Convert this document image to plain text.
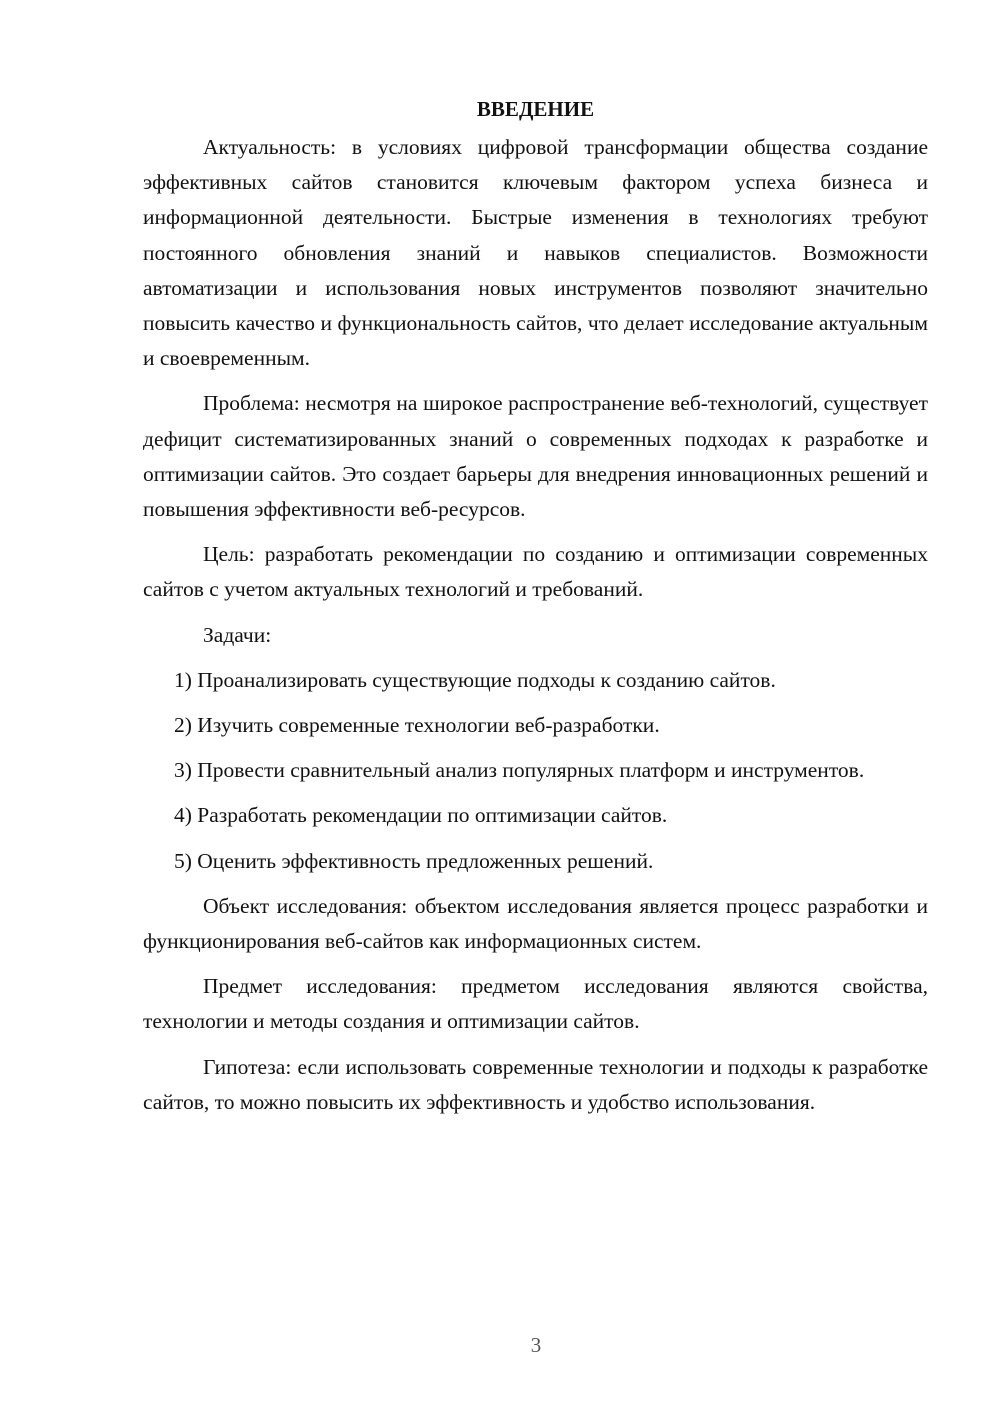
ВВЕДЕНИЕ

Актуальность: в условиях цифровой трансформации общества создание эффективных сайтов становится ключевым фактором успеха бизнеса и информационной деятельности. Быстрые изменения в технологиях требуют постоянного обновления знаний и навыков специалистов. Возможности автоматизации и использования новых инструментов позволяют значительно повысить качество и функциональность сайтов, что делает исследование актуальным и своевременным.

Проблема: несмотря на широкое распространение веб-технологий, существует дефицит систематизированных знаний о современных подходах к разработке и оптимизации сайтов. Это создает барьеры для внедрения инновационных решений и повышения эффективности веб-ресурсов.

Цель: разработать рекомендации по созданию и оптимизации современных сайтов с учетом актуальных технологий и требований.

Задачи:

1) Проанализировать существующие подходы к созданию сайтов.

2) Изучить современные технологии веб-разработки.

3) Провести сравнительный анализ популярных платформ и инструментов.

4) Разработать рекомендации по оптимизации сайтов.

5) Оценить эффективность предложенных решений.

Объект исследования: объектом исследования является процесс разработки и функционирования веб-сайтов как информационных систем.

Предмет исследования: предметом исследования являются свойства, технологии и методы создания и оптимизации сайтов.

Гипотеза: если использовать современные технологии и подходы к разработке сайтов, то можно повысить их эффективность и удобство использования.

3
